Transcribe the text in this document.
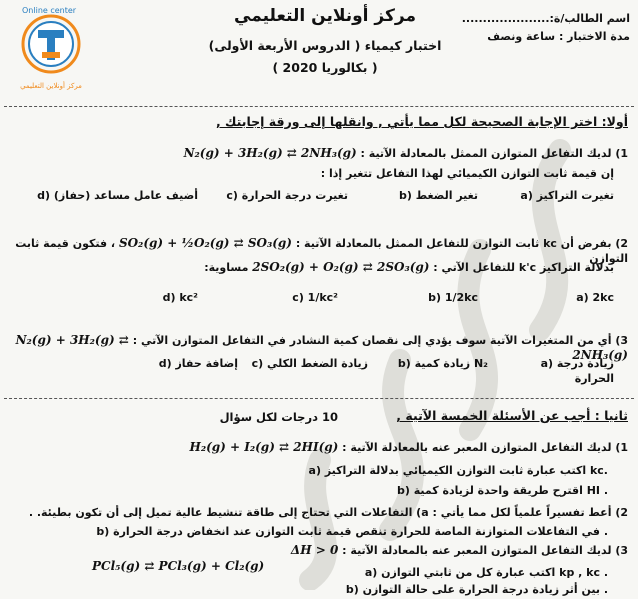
Online center
مركز أونلاين التعليمي
مركز أونلاين التعليمي
اختبار كيمياء ( الدروس الأربعة الأولى)
( بكالوريا 2020 )
اسم الطالب/ة:.....................
مدة الاختبار : ساعة ونصف
أولا: اختر الإجابة الصحيحة لكل مما يأتي , وانقلها إلى ورقة إجابتك ,
1) لديك التفاعل المتوازن الممثل بالمعادلة الآتية : N₂(g) + 3H₂(g) ⇄ 2NH₃(g)
إن قيمة ثابت التوازن الكيميائي لهذا التفاعل تتغير إذا :
a) تغيرت التراكيز
b) تغير الضغط
c) تغيرت درجة الحرارة
d) أضيف عامل مساعد (حفاز)
2) بفرض أن kc ثابت التوازن للتفاعل الممثل بالمعادلة الآتية : SO₂(g) + ½O₂(g) ⇄ SO₃(g) ، فتكون قيمة ثابت التوازن
بدلالة التراكيز k'c للتفاعل الآتي : 2SO₂(g) + O₂(g) ⇄ 2SO₃(g) مساوية:
a) 2kc
b) 1/2kc
c) 1/kc²
d) kc²
3) أي من المتغيرات الآتية سوف يؤدي إلى نقصان كمية النشادر في التفاعل المتوازن الآتي : N₂(g) + 3H₂(g) ⇄ 2NH₃(g)
a) زيادة درجة الحرارة
b) زيادة كمية N₂
c) زيادة الضغط الكلي
d) إضافة حفاز
ثانيا : أجب عن الأسئلة الخمسة الآتية ,
10 درجات لكل سؤال
1) لديك التفاعل المتوازن المعبر عنه بالمعادلة الآتية : H₂(g) + I₂(g) ⇄ 2HI(g)
a) اكتب عبارة ثابت التوازن الكيميائي بدلالة التراكيز kc.
b) اقترح طريقة واحدة لزيادة كمية HI .
2) أعط تفسيراً علمياً لكل مما يأتي : a) التفاعلات التي تحتاج إلى طاقة تنشيط عالية تميل إلى أن تكون بطيئة. .
b) في التفاعلات المتوازنة الماصة للحرارة تنقص قيمة ثابت التوازن عند انخفاض درجة الحرارة .
3) لديك التفاعل المتوازن المعبر عنه بالمعادلة الآتية : ΔH > 0
PCl₅(g) ⇄ PCl₃(g) + Cl₂(g)	a) اكتب عبارة كل من ثابتي التوازن kp , kc .
b) بين أثر زيادة درجة الحرارة على حالة التوازن .
